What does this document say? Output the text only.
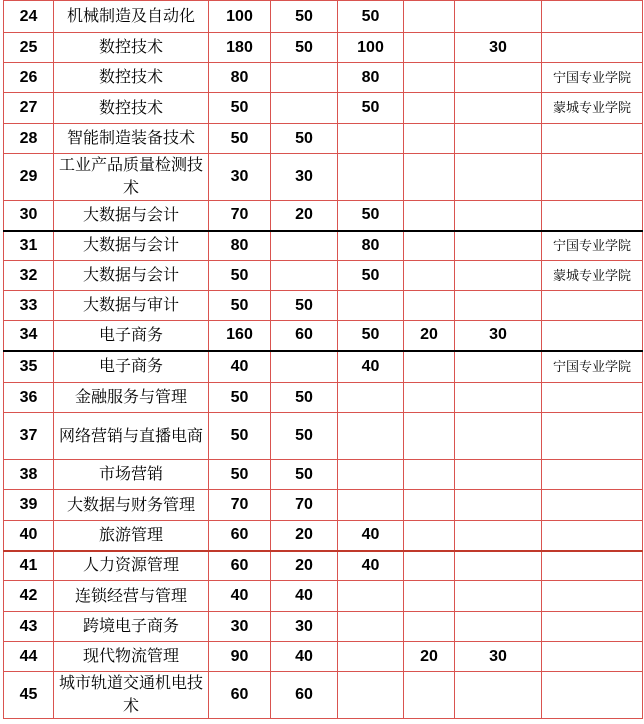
24	机械制造及自动化	100	50	50			
25	数控技术	180	50	100		30	
26	数控技术	80		80			宁国专业学院
27	数控技术	50		50			蒙城专业学院
28	智能制造装备技术	50	50				
29	工业产品质量检测技术	30	30				
30	大数据与会计	70	20	50			
31	大数据与会计	80		80			宁国专业学院
32	大数据与会计	50		50			蒙城专业学院
33	大数据与审计	50	50				
34	电子商务	160	60	50	20	30	
35	电子商务	40		40			宁国专业学院
36	金融服务与管理	50	50				
37	网络营销与直播电商	50	50				
38	市场营销	50	50				
39	大数据与财务管理	70	70				
40	旅游管理	60	20	40			
41	人力资源管理	60	20	40			
42	连锁经营与管理	40	40				
43	跨境电子商务	30	30				
44	现代物流管理	90	40		20	30	
45	城市轨道交通机电技术	60	60				
